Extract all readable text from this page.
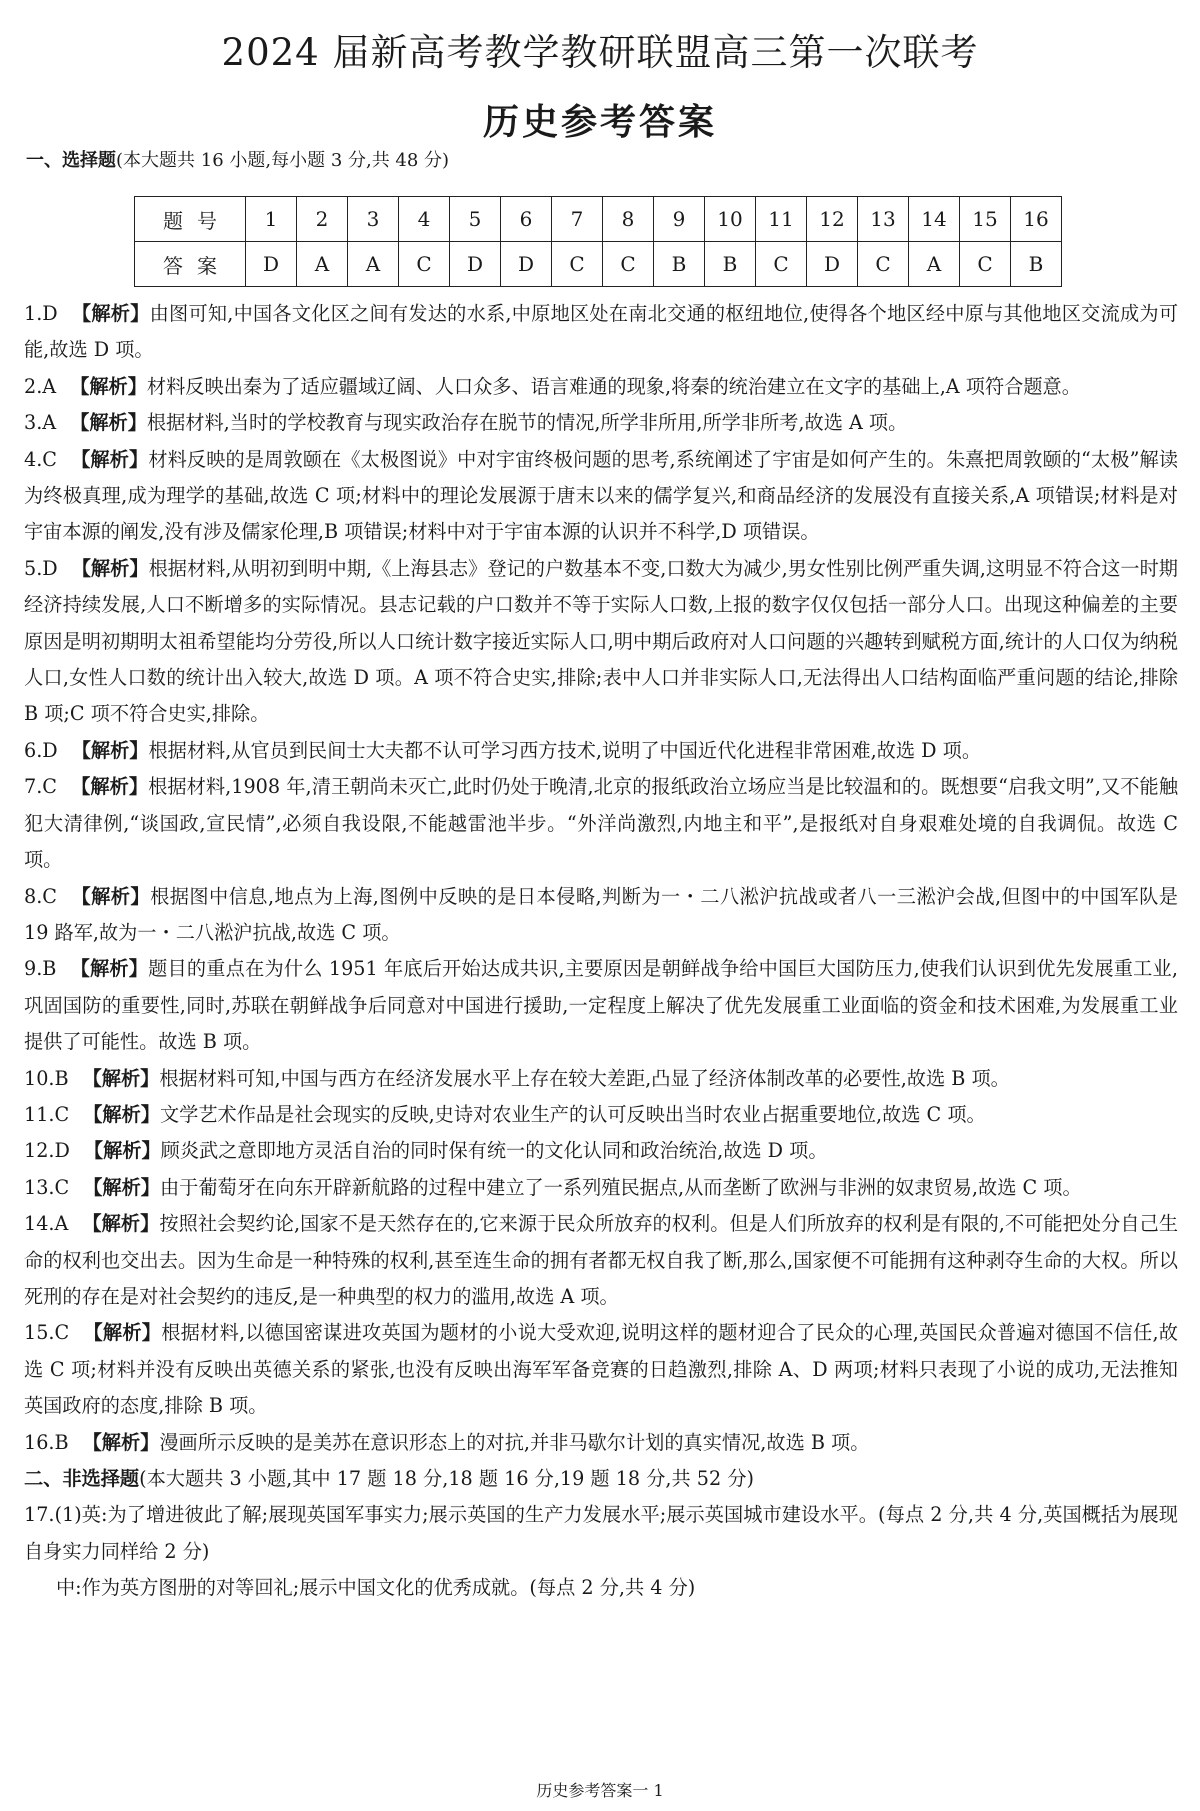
2024 届新高考教学教研联盟高三第一次联考
历史参考答案
一、选择题(本大题共 16 小题,每小题 3 分,共 48 分)
题号	1	2	3	4	5	6	7	8	9	10	11	12	13	14	15	16
答案	D	A	A	C	D	D	C	C	B	B	C	D	C	A	C	B

1.D 【解析】由图可知,中国各文化区之间有发达的水系,中原地区处在南北交通的枢纽地位,使得各个地区经中原与其他地区交流成为可能,故选 D 项。

2.A 【解析】材料反映出秦为了适应疆域辽阔、人口众多、语言难通的现象,将秦的统治建立在文字的基础上,A 项符合题意。

3.A 【解析】根据材料,当时的学校教育与现实政治存在脱节的情况,所学非所用,所学非所考,故选 A 项。

4.C 【解析】材料反映的是周敦颐在《太极图说》中对宇宙终极问题的思考,系统阐述了宇宙是如何产生的。朱熹把周敦颐的“太极”解读为终极真理,成为理学的基础,故选 C 项;材料中的理论发展源于唐末以来的儒学复兴,和商品经济的发展没有直接关系,A 项错误;材料是对宇宙本源的阐发,没有涉及儒家伦理,B 项错误;材料中对于宇宙本源的认识并不科学,D 项错误。

5.D 【解析】根据材料,从明初到明中期,《上海县志》登记的户数基本不变,口数大为减少,男女性别比例严重失调,这明显不符合这一时期经济持续发展,人口不断增多的实际情况。县志记载的户口数并不等于实际人口数,上报的数字仅仅包括一部分人口。出现这种偏差的主要原因是明初期明太祖希望能均分劳役,所以人口统计数字接近实际人口,明中期后政府对人口问题的兴趣转到赋税方面,统计的人口仅为纳税人口,女性人口数的统计出入较大,故选 D 项。A 项不符合史实,排除;表中人口并非实际人口,无法得出人口结构面临严重问题的结论,排除 B 项;C 项不符合史实,排除。

6.D 【解析】根据材料,从官员到民间士大夫都不认可学习西方技术,说明了中国近代化进程非常困难,故选 D 项。

7.C 【解析】根据材料,1908 年,清王朝尚未灭亡,此时仍处于晚清,北京的报纸政治立场应当是比较温和的。既想要“启我文明”,又不能触犯大清律例,“谈国政,宣民情”,必须自我设限,不能越雷池半步。“外洋尚激烈,内地主和平”,是报纸对自身艰难处境的自我调侃。故选 C 项。

8.C 【解析】根据图中信息,地点为上海,图例中反映的是日本侵略,判断为一・二八淞沪抗战或者八一三淞沪会战,但图中的中国军队是 19 路军,故为一・二八淞沪抗战,故选 C 项。

9.B 【解析】题目的重点在为什么 1951 年底后开始达成共识,主要原因是朝鲜战争给中国巨大国防压力,使我们认识到优先发展重工业,巩固国防的重要性,同时,苏联在朝鲜战争后同意对中国进行援助,一定程度上解决了优先发展重工业面临的资金和技术困难,为发展重工业提供了可能性。故选 B 项。

10.B 【解析】根据材料可知,中国与西方在经济发展水平上存在较大差距,凸显了经济体制改革的必要性,故选 B 项。

11.C 【解析】文学艺术作品是社会现实的反映,史诗对农业生产的认可反映出当时农业占据重要地位,故选 C 项。

12.D 【解析】顾炎武之意即地方灵活自治的同时保有统一的文化认同和政治统治,故选 D 项。

13.C 【解析】由于葡萄牙在向东开辟新航路的过程中建立了一系列殖民据点,从而垄断了欧洲与非洲的奴隶贸易,故选 C 项。

14.A 【解析】按照社会契约论,国家不是天然存在的,它来源于民众所放弃的权利。但是人们所放弃的权利是有限的,不可能把处分自己生命的权利也交出去。因为生命是一种特殊的权利,甚至连生命的拥有者都无权自我了断,那么,国家便不可能拥有这种剥夺生命的大权。所以死刑的存在是对社会契约的违反,是一种典型的权力的滥用,故选 A 项。

15.C 【解析】根据材料,以德国密谋进攻英国为题材的小说大受欢迎,说明这样的题材迎合了民众的心理,英国民众普遍对德国不信任,故选 C 项;材料并没有反映出英德关系的紧张,也没有反映出海军军备竞赛的日趋激烈,排除 A、D 两项;材料只表现了小说的成功,无法推知英国政府的态度,排除 B 项。

16.B 【解析】漫画所示反映的是美苏在意识形态上的对抗,并非马歇尔计划的真实情况,故选 B 项。

二、非选择题(本大题共 3 小题,其中 17 题 18 分,18 题 16 分,19 题 18 分,共 52 分)

17.(1)英:为了增进彼此了解;展现英国军事实力;展示英国的生产力发展水平;展示英国城市建设水平。(每点 2 分,共 4 分,英国概括为展现自身实力同样给 2 分)

中:作为英方图册的对等回礼;展示中国文化的优秀成就。(每点 2 分,共 4 分)

历史参考答案一 1
